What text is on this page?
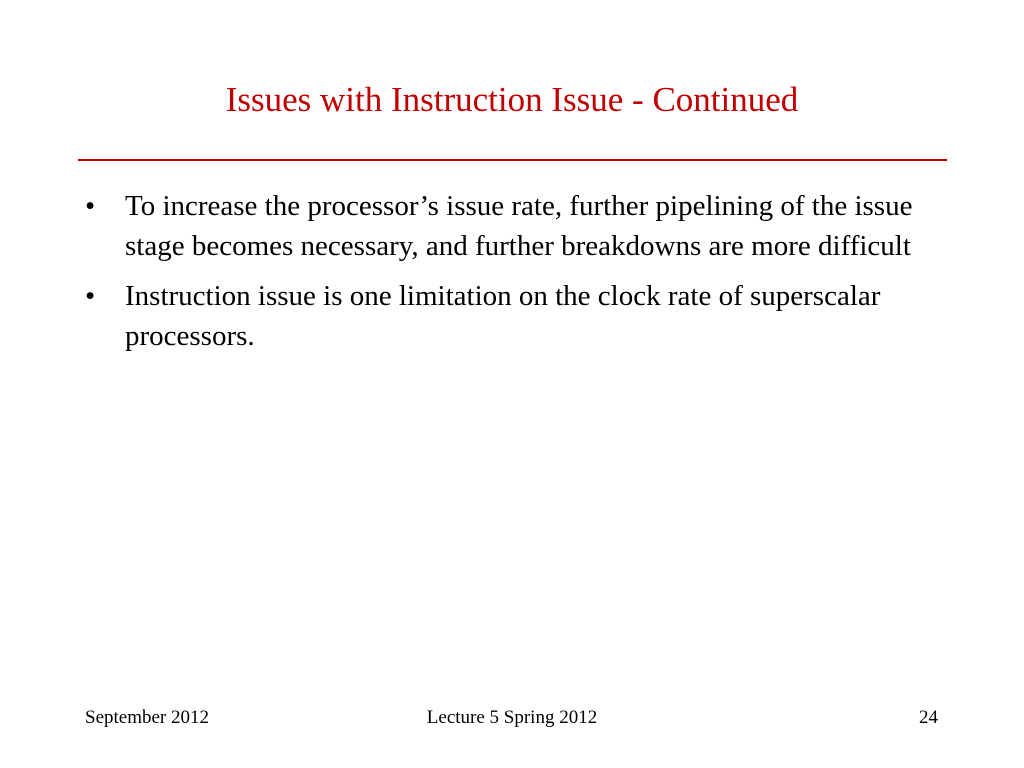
Issues with Instruction Issue - Continued
•	To increase the processor’s issue rate, further pipelining of the issue stage becomes necessary, and further breakdowns are more difficult
•	Instruction issue is one limitation on the clock rate of superscalar processors.
September 2012	Lecture 5 Spring 2012	24
